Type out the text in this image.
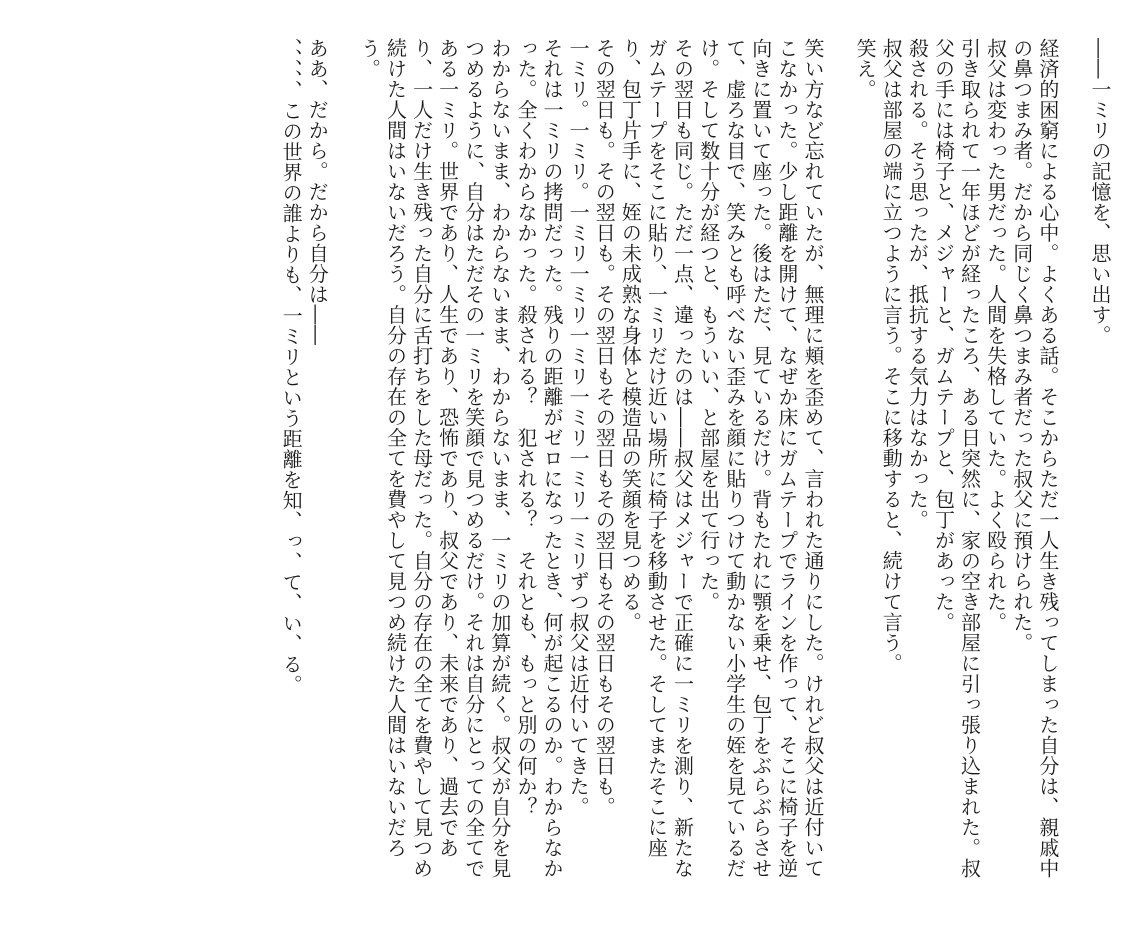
――一ミリの記憶を、思い出す。

経済的困窮による心中。よくある話。そこからただ一人生き残ってしまった自分は、親戚中の鼻つまみ者。だから同じく鼻つまみ者だった叔父に預けられた。

叔父は変わった男だった。人間を失格していた。よく殴られた。

引き取られて一年ほどが経ったころ、ある日突然に、家の空き部屋に引っ張り込まれた。叔父の手には椅子と、メジャーと、ガムテープと、包丁があった。

殺される。そう思ったが、抵抗する気力はなかった。

叔父は部屋の端に立つように言う。そこに移動すると、続けて言う。

笑え。

笑い方など忘れていたが、無理に頬を歪めて、言われた通りにした。けれど叔父は近付いてこなかった。少し距離を開けて、なぜか床にガムテープでラインを作って、そこに椅子を逆向きに置いて座った。後はただ、見ているだけ。背もたれに顎を乗せ、包丁をぶらぶらさせて、虚ろな目で、笑みとも呼べない歪みを顔に貼りつけて動かない小学生の姪を見ているだけ。そして数十分が経つと、もういい、と部屋を出て行った。

その翌日も同じ。ただ一点、違ったのは――叔父はメジャーで正確に一ミリを測り、新たなガムテープをそこに貼り、一ミリだけ近い場所に椅子を移動させた。そしてまたそこに座り、包丁片手に、姪の未成熟な身体と模造品の笑顔を見つめる。

その翌日も。その翌日も。その翌日もその翌日もその翌日もその翌日もその翌日も。

一ミリ。一ミリ。一ミリ一ミリ一ミリ一ミリ一ミリ一ミリずつ叔父は近付いてきた。

それは一ミリの拷問だった。残りの距離がゼロになったとき、何が起こるのか。わからなかった。全くわからなかった。殺される？　犯される？　それとも、もっと別の何か？

わからないまま、わからないまま、わからないまま、一ミリの加算が続く。叔父が自分を見つめるように、自分はただその一ミリを笑顔で見つめるだけ。それは自分にとっての全てである一ミリ。世界であり、人生であり、恐怖であり、叔父であり、未来であり、過去であり、一人だけ生き残った自分に舌打ちをした母だった。自分の存在の全てを費やして見つめ続けた人間はいないだろう。自分の存在の全てを費やして見つめ続けた人間はいないだろう。

ああ、だから。だから自分は――

、、、、、この世界の誰よりも、一ミリという距離を知、っ、て、い、る。
